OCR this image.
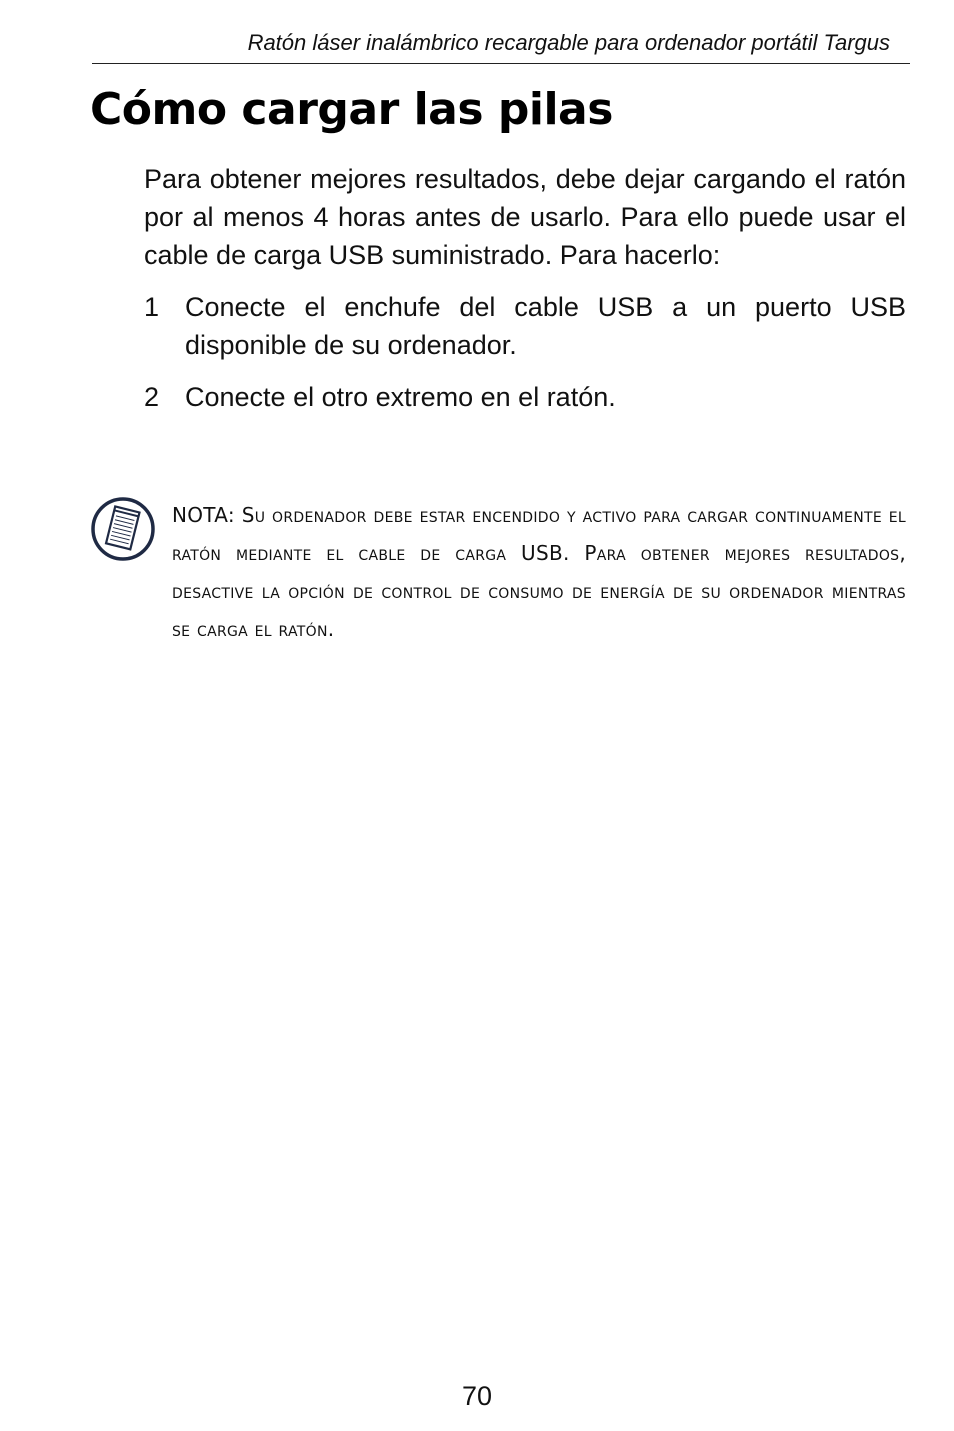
Ratón láser inalámbrico recargable para ordenador portátil Targus
Cómo cargar las pilas

Para obtener mejores resultados, debe dejar cargando el ratón por al menos 4 horas antes de usarlo. Para ello puede usar el cable de carga USB suministrado. Para hacerlo:

1 Conecte el enchufe del cable USB a un puerto USB disponible de su ordenador.
2 Conecte el otro extremo en el ratón.

NOTA: Su ordenador debe estar encendido y activo para cargar continuamente el ratón mediante el cable de carga USB. Para obtener mejores resultados, desactive la opción de control de consumo de energía de su ordenador mientras se carga el ratón.

70
